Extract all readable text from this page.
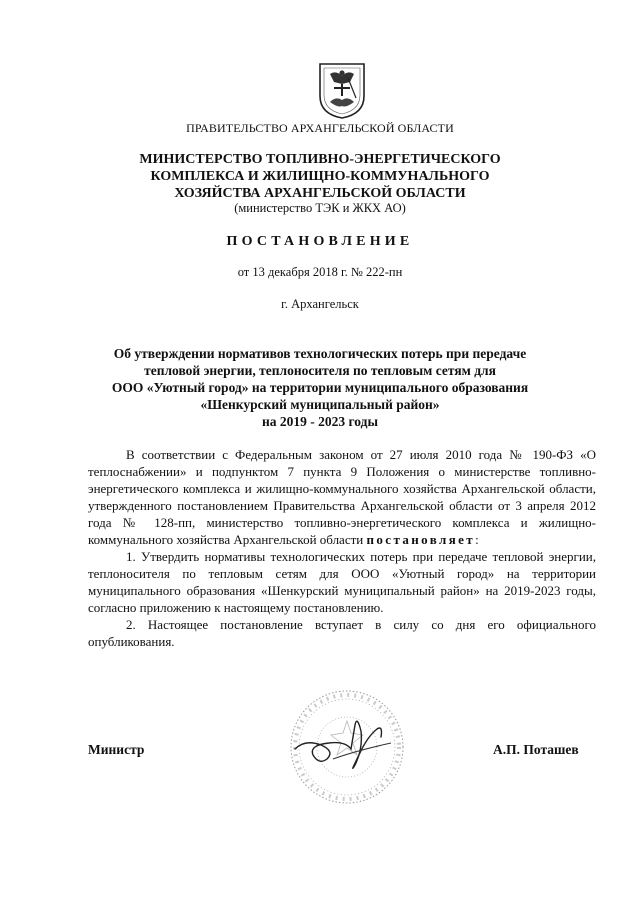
ПРАВИТЕЛЬСТВО АРХАНГЕЛЬСКОЙ ОБЛАСТИ
МИНИСТЕРСТВО ТОПЛИВНО-ЭНЕРГЕТИЧЕСКОГО
КОМПЛЕКСА И ЖИЛИЩНО-КОММУНАЛЬНОГО
ХОЗЯЙСТВА АРХАНГЕЛЬСКОЙ ОБЛАСТИ
(министерство ТЭК и ЖКХ АО)
ПОСТАНОВЛЕНИЕ
от 13 декабря 2018 г. № 222-пн
г. Архангельск
Об утверждении нормативов технологических потерь при передаче
тепловой энергии, теплоносителя по тепловым сетям для
ООО «Уютный город» на территории муниципального образования
«Шенкурский муниципальный район»
на 2019 - 2023 годы

В соответствии с Федеральным законом от 27 июля 2010 года № 190-ФЗ «О теплоснабжении» и подпунктом 7 пункта 9 Положения о министерстве топливно-энергетического комплекса и жилищно-коммунального хозяйства Архангельской области, утвержденного постановлением Правительства Архангельской области от 3 апреля 2012 года № 128-пп, министерство топливно-энергетического комплекса и жилищно-коммунального хозяйства Архангельской области постановляет:

1. Утвердить нормативы технологических потерь при передаче тепловой энергии, теплоносителя по тепловым сетям для ООО «Уютный город» на территории муниципального образования «Шенкурский муниципальный район» на 2019-2023 годы, согласно приложению к настоящему постановлению.

2. Настоящее постановление вступает в силу со дня его официального опубликования.

Министр	А.П. Поташев
